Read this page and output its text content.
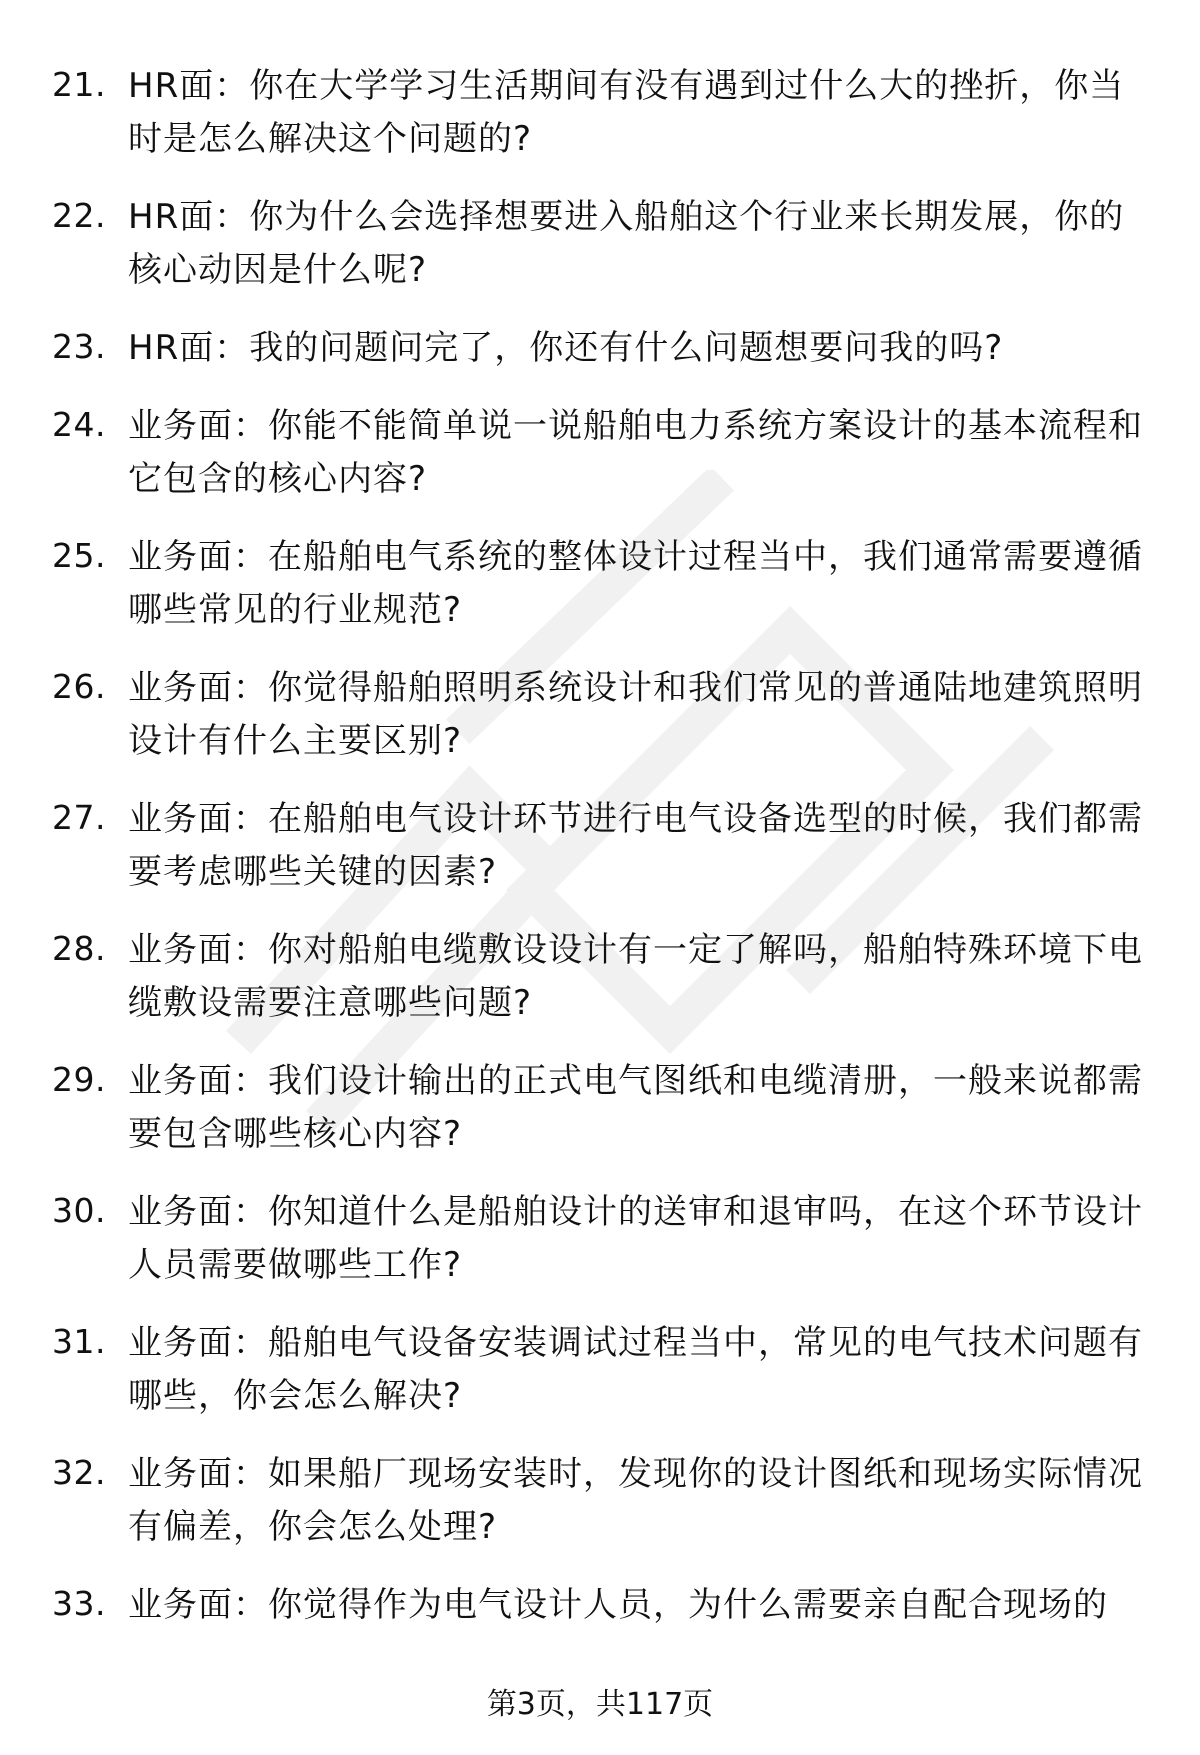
21. HR面：你在大学学习生活期间有没有遇到过什么大的挫折，你当时是怎么解决这个问题的?
22. HR面：你为什么会选择想要进入船舶这个行业来长期发展，你的核心动因是什么呢?
23. HR面：我的问题问完了，你还有什么问题想要问我的吗?
24. 业务面：你能不能简单说一说船舶电力系统方案设计的基本流程和它包含的核心内容?
25. 业务面：在船舶电气系统的整体设计过程当中，我们通常需要遵循哪些常见的行业规范?
26. 业务面：你觉得船舶照明系统设计和我们常见的普通陆地建筑照明设计有什么主要区别?
27. 业务面：在船舶电气设计环节进行电气设备选型的时候，我们都需要考虑哪些关键的因素?
28. 业务面：你对船舶电缆敷设设计有一定了解吗，船舶特殊环境下电缆敷设需要注意哪些问题?
29. 业务面：我们设计输出的正式电气图纸和电缆清册，一般来说都需要包含哪些核心内容?
30. 业务面：你知道什么是船舶设计的送审和退审吗，在这个环节设计人员需要做哪些工作?
31. 业务面：船舶电气设备安装调试过程当中，常见的电气技术问题有哪些，你会怎么解决?
32. 业务面：如果船厂现场安装时，发现你的设计图纸和现场实际情况有偏差，你会怎么处理?
33. 业务面：你觉得作为电气设计人员，为什么需要亲自配合现场的
第3页，共117页
